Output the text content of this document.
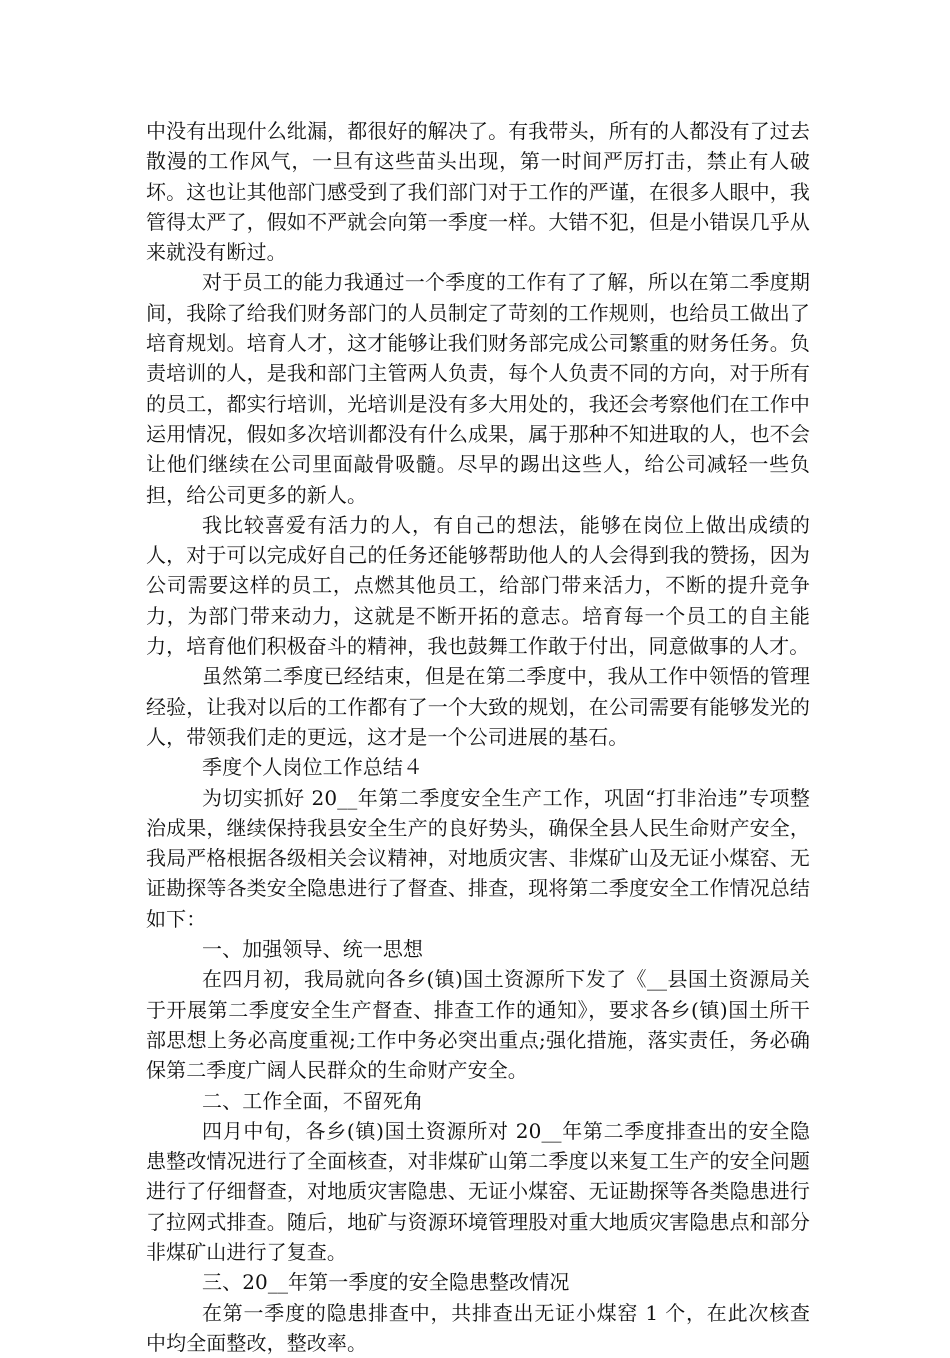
中没有出现什么纰漏，都很好的解决了。有我带头，所有的人都没有了过去散漫的工作风气，一旦有这些苗头出现，第一时间严厉打击，禁止有人破坏。这也让其他部门感受到了我们部门对于工作的严谨，在很多人眼中，我管得太严了，假如不严就会向第一季度一样。大错不犯，但是小错误几乎从来就没有断过。

对于员工的能力我通过一个季度的工作有了了解，所以在第二季度期间，我除了给我们财务部门的人员制定了苛刻的工作规则，也给员工做出了培育规划。培育人才，这才能够让我们财务部完成公司繁重的财务任务。负责培训的人，是我和部门主管两人负责，每个人负责不同的方向，对于所有的员工，都实行培训，光培训是没有多大用处的，我还会考察他们在工作中运用情况，假如多次培训都没有什么成果，属于那种不知进取的人，也不会让他们继续在公司里面敲骨吸髓。尽早的踢出这些人，给公司减轻一些负担，给公司更多的新人。

我比较喜爱有活力的人，有自己的想法，能够在岗位上做出成绩的人，对于可以完成好自己的任务还能够帮助他人的人会得到我的赞扬，因为公司需要这样的员工，点燃其他员工，给部门带来活力，不断的提升竞争力，为部门带来动力，这就是不断开拓的意志。培育每一个员工的自主能力，培育他们积极奋斗的精神，我也鼓舞工作敢于付出，同意做事的人才。

虽然第二季度已经结束，但是在第二季度中，我从工作中领悟的管理经验，让我对以后的工作都有了一个大致的规划，在公司需要有能够发光的人，带领我们走的更远，这才是一个公司进展的基石。

季度个人岗位工作总结４

为切实抓好 20__年第二季度安全生产工作，巩固“打非治违”专项整治成果，继续保持我县安全生产的良好势头，确保全县人民生命财产安全，我局严格根据各级相关会议精神，对地质灾害、非煤矿山及无证小煤窑、无证勘探等各类安全隐患进行了督查、排查，现将第二季度安全工作情况总结如下：

一、加强领导、统一思想

在四月初，我局就向各乡(镇)国土资源所下发了《__县国土资源局关于开展第二季度安全生产督查、排查工作的通知》，要求各乡(镇)国土所干部思想上务必高度重视;工作中务必突出重点;强化措施，落实责任，务必确保第二季度广阔人民群众的生命财产安全。

二、工作全面，不留死角

四月中旬，各乡(镇)国土资源所对 20__年第二季度排查出的安全隐患整改情况进行了全面核查，对非煤矿山第二季度以来复工生产的安全问题进行了仔细督查，对地质灾害隐患、无证小煤窑、无证勘探等各类隐患进行了拉网式排查。随后，地矿与资源环境管理股对重大地质灾害隐患点和部分非煤矿山进行了复查。

三、20__年第一季度的安全隐患整改情况

在第一季度的隐患排查中，共排查出无证小煤窑 1 个，在此次核查中均全面整改，整改率。
